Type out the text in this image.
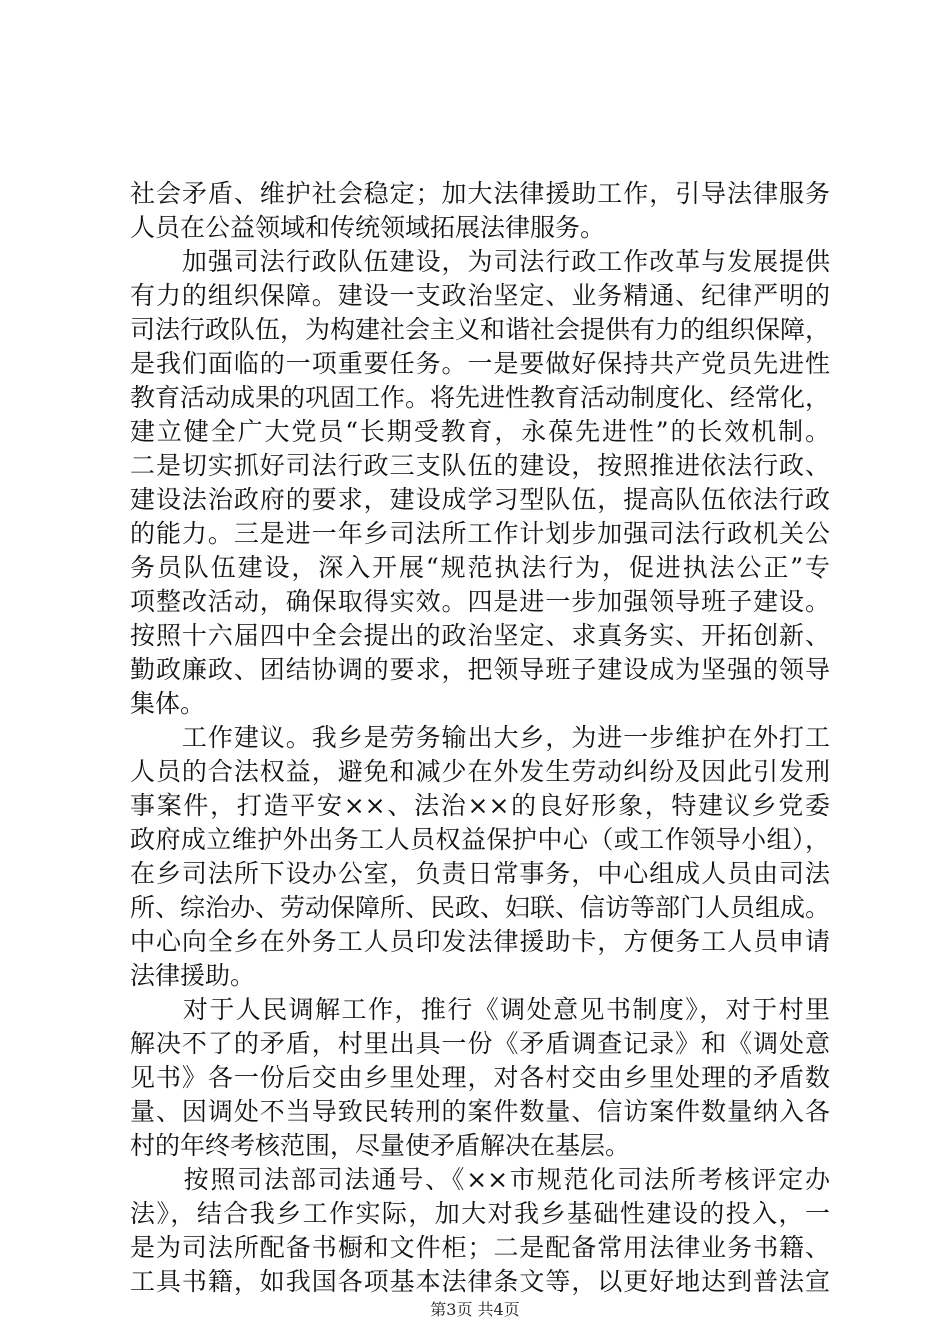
社会矛盾、维护社会稳定；加大法律援助工作，引导法律服务
人员在公益领域和传统领域拓展法律服务。
　　加强司法行政队伍建设，为司法行政工作改革与发展提供
有力的组织保障。建设一支政治坚定、业务精通、纪律严明的
司法行政队伍，为构建社会主义和谐社会提供有力的组织保障，
是我们面临的一项重要任务。一是要做好保持共产党员先进性
教育活动成果的巩固工作。将先进性教育活动制度化、经常化，
建立健全广大党员“长期受教育，永葆先进性”的长效机制。
二是切实抓好司法行政三支队伍的建设，按照推进依法行政、
建设法治政府的要求，建设成学习型队伍，提高队伍依法行政
的能力。三是进一年乡司法所工作计划步加强司法行政机关公
务员队伍建设，深入开展“规范执法行为，促进执法公正”专
项整改活动，确保取得实效。四是进一步加强领导班子建设。
按照十六届四中全会提出的政治坚定、求真务实、开拓创新、
勤政廉政、团结协调的要求，把领导班子建设成为坚强的领导
集体。
　　工作建议。我乡是劳务输出大乡，为进一步维护在外打工
人员的合法权益，避免和减少在外发生劳动纠纷及因此引发刑
事案件，打造平安××、法治××的良好形象，特建议乡党委
政府成立维护外出务工人员权益保护中心（或工作领导小组），
在乡司法所下设办公室，负责日常事务，中心组成人员由司法
所、综治办、劳动保障所、民政、妇联、信访等部门人员组成。
中心向全乡在外务工人员印发法律援助卡，方便务工人员申请
法律援助。
　　对于人民调解工作，推行《调处意见书制度》，对于村里
解决不了的矛盾，村里出具一份《矛盾调查记录》和《调处意
见书》各一份后交由乡里处理，对各村交由乡里处理的矛盾数
量、因调处不当导致民转刑的案件数量、信访案件数量纳入各
村的年终考核范围，尽量使矛盾解决在基层。
　　按照司法部司法通号、《××市规范化司法所考核评定办
法》，结合我乡工作实际，加大对我乡基础性建设的投入，一
是为司法所配备书橱和文件柜；二是配备常用法律业务书籍、
工具书籍，如我国各项基本法律条文等，以更好地达到普法宣
第3页 共4页
